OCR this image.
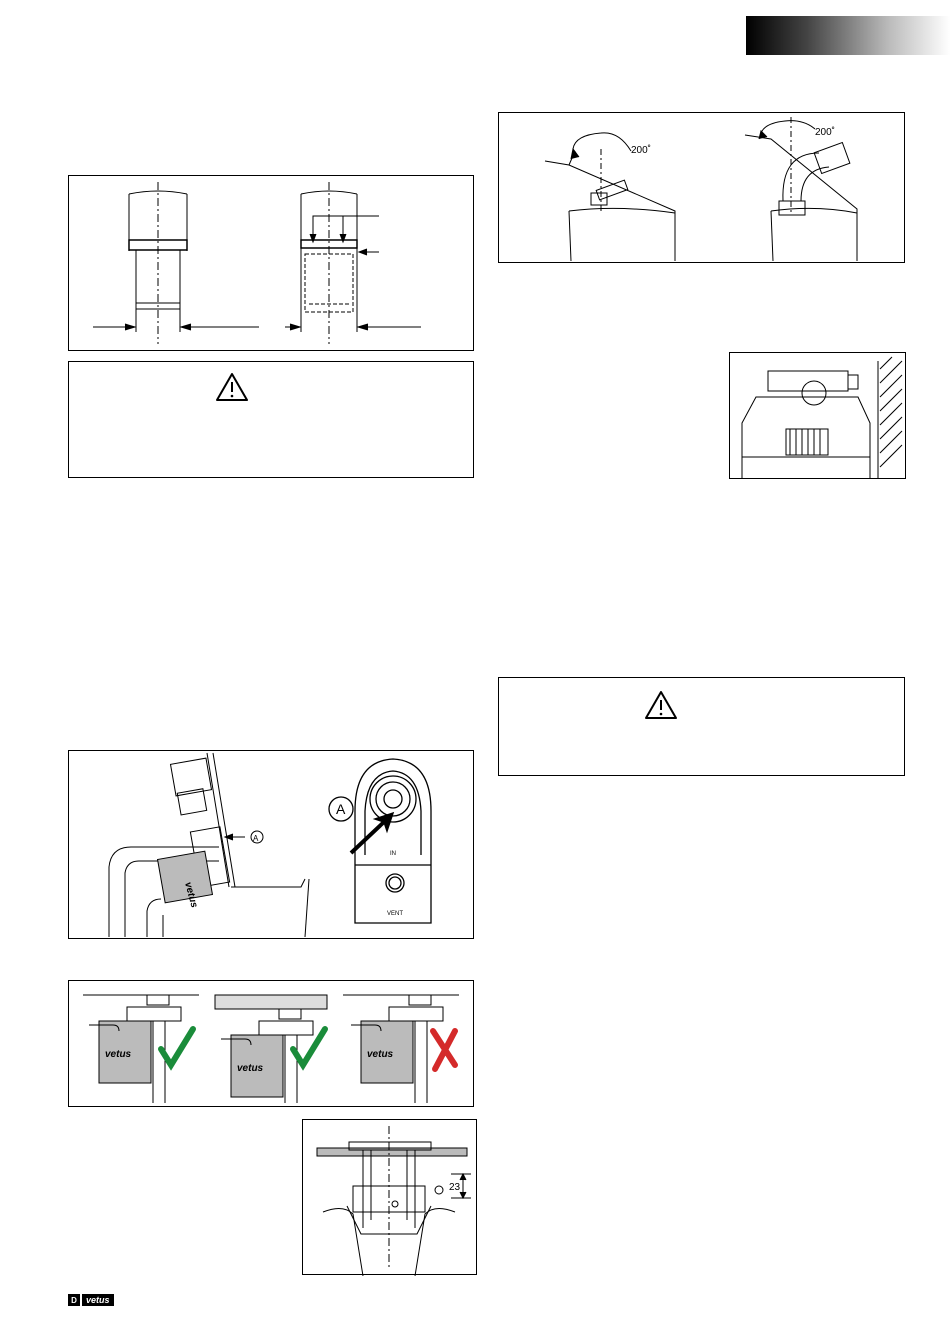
vetus
A
A
IN
VENT
vetus
vetus
vetus
200˚
200˚
23
D	vetus
